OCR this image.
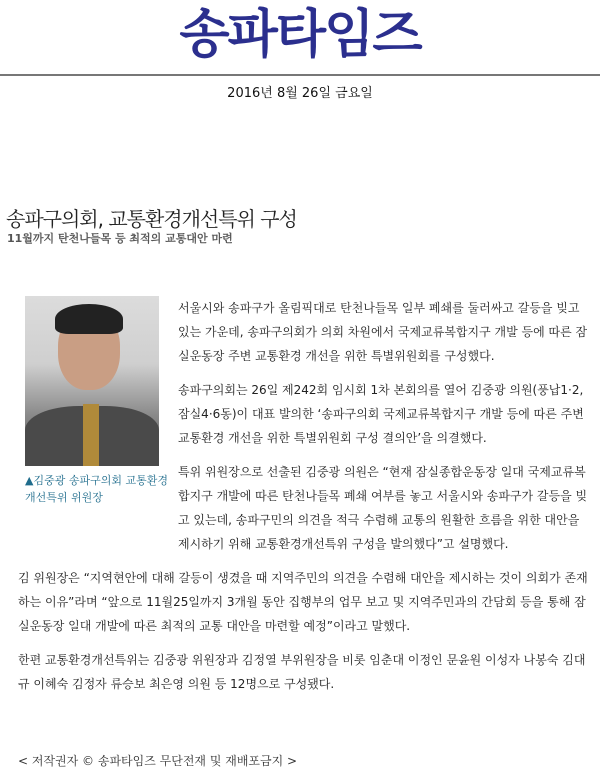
송파타임즈
2016년 8월 26일 금요일
송파구의회, 교통환경개선특위 구성
11월까지 탄천나들목 등 최적의 교통대안 마련
▲김중광 송파구의회 교통환경 개선특위 위원장

서울시와 송파구가 올림픽대로 탄천나들목 일부 폐쇄를 둘러싸고 갈등을 빚고 있는 가운데, 송파구의회가 의회 차원에서 국제교류복합지구 개발 등에 따른 잠실운동장 주변 교통환경 개선을 위한 특별위원회를 구성했다.

송파구의회는 26일 제242회 임시회 1차 본회의를 열어 김중광 의원(풍납1·2, 잠실4·6동)이 대표 발의한 ‘송파구의회 국제교류복합지구 개발 등에 따른 주변 교통환경 개선을 위한 특별위원회 구성 결의안’을 의결했다.

특위 위원장으로 선출된 김중광 의원은 “현재 잠실종합운동장 일대 국제교류복합지구 개발에 따른 탄천나들목 폐쇄 여부를 놓고 서울시와 송파구가 갈등을 빚고 있는데, 송파구민의 의견을 적극 수렴해 교통의 원활한 흐름을 위한 대안을 제시하기 위해 교통환경개선특위 구성을 발의했다”고 설명했다.

김 위원장은 “지역현안에 대해 갈등이 생겼을 때 지역주민의 의견을 수렴해 대안을 제시하는 것이 의회가 존재하는 이유”라며 “앞으로 11월25일까지 3개월 동안 집행부의 업무 보고 및 지역주민과의 간담회 등을 통해 잠실운동장 일대 개발에 따른 최적의 교통 대안을 마련할 예정”이라고 말했다.

한편 교통환경개선특위는 김중광 위원장과 김정열 부위원장을 비롯 임춘대 이정인 문윤원 이성자 나봉숙 김대규 이혜숙 김정자 류승보 최은영 의원 등 12명으로 구성됐다.

< 저작권자 © 송파타임즈 무단전재 및 재배포금지 >
